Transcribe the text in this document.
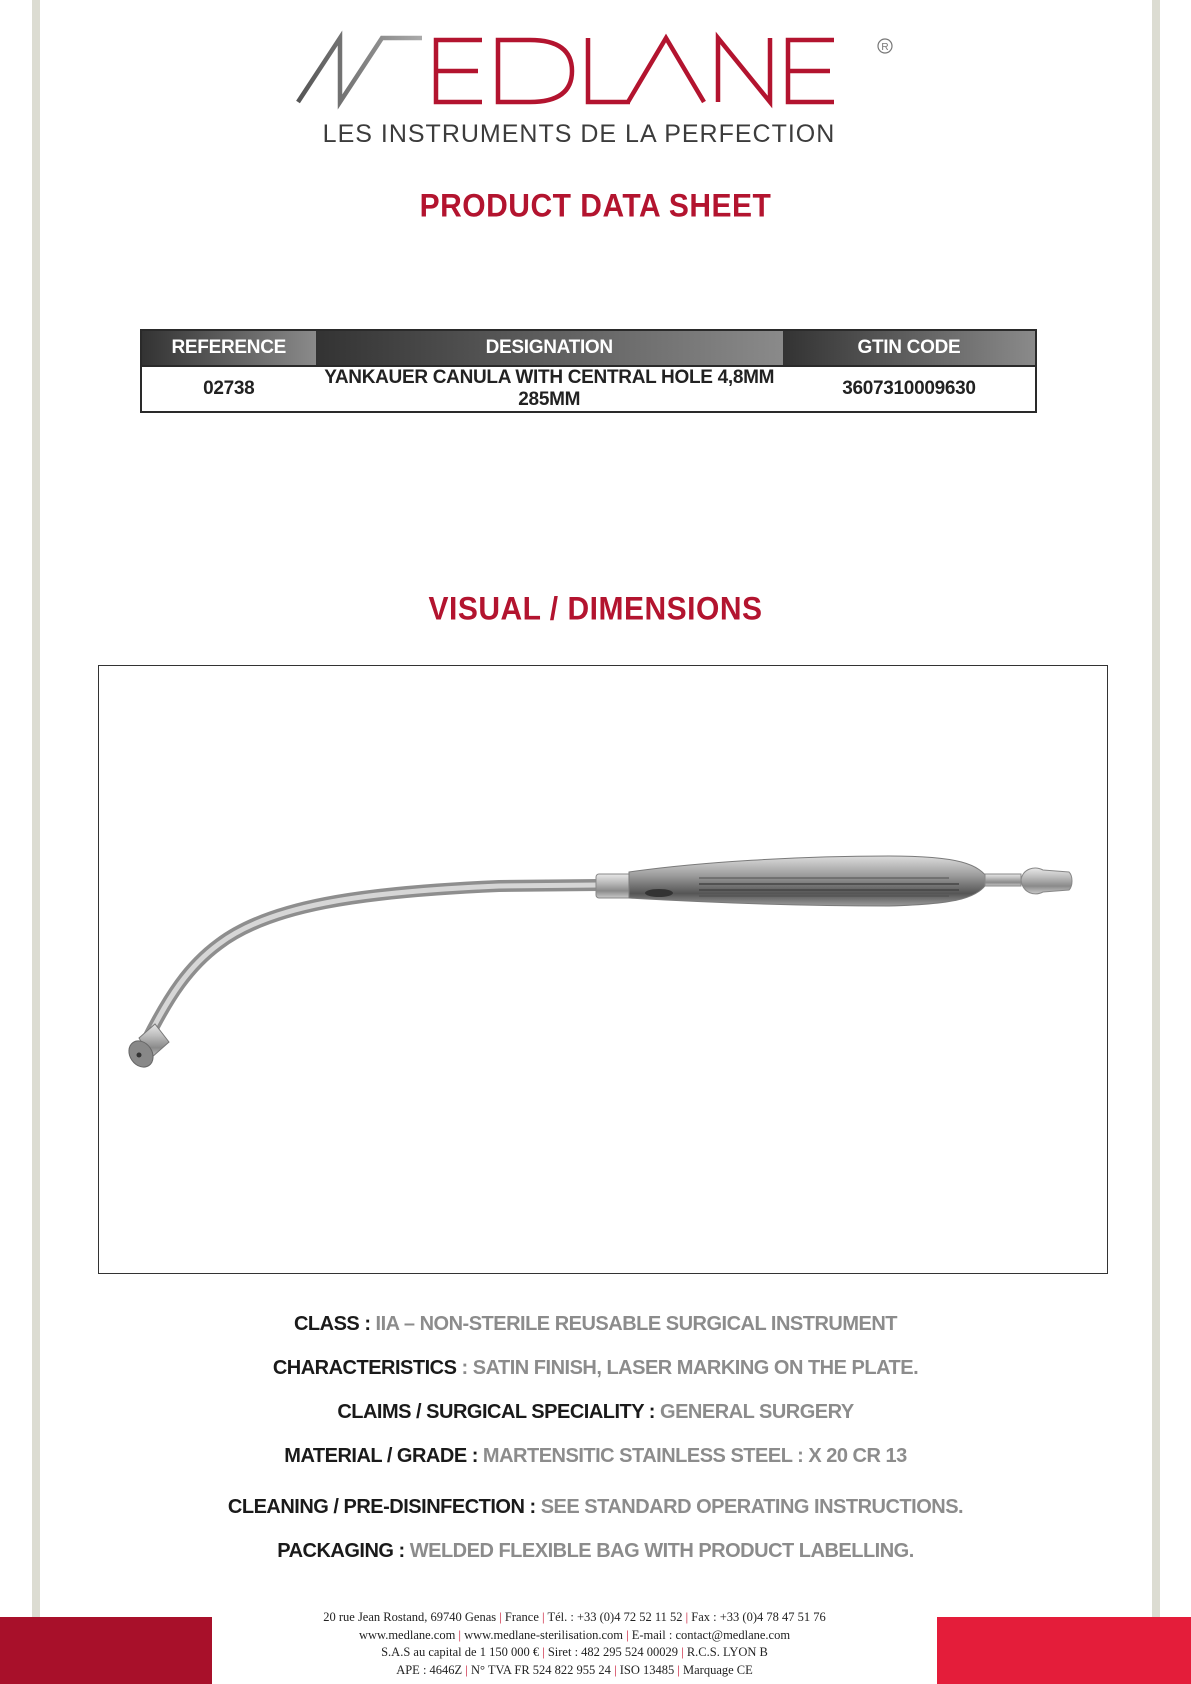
R
LES INSTRUMENTS DE LA PERFECTION
PRODUCT DATA SHEET
REFERENCE	DESIGNATION	GTIN CODE
02738	YANKAUER CANULA WITH CENTRAL HOLE 4,8MM 285MM	3607310009630
VISUAL / DIMENSIONS
CLASS : IIA – NON-STERILE REUSABLE SURGICAL INSTRUMENT
CHARACTERISTICS : SATIN FINISH, LASER MARKING ON THE PLATE.
CLAIMS / SURGICAL SPECIALITY : GENERAL SURGERY
MATERIAL / GRADE : MARTENSITIC STAINLESS STEEL : X 20 CR 13
CLEANING / PRE-DISINFECTION : SEE STANDARD OPERATING INSTRUCTIONS.
PACKAGING : WELDED FLEXIBLE BAG WITH PRODUCT LABELLING.
20 rue Jean Rostand, 69740 Genas | France | Tél. : +33 (0)4 72 52 11 52 | Fax : +33 (0)4 78 47 51 76
www.medlane.com | www.medlane-sterilisation.com | E-mail : contact@medlane.com
S.A.S au capital de 1 150 000 € | Siret : 482 295 524 00029 | R.C.S. LYON B
APE : 4646Z | N° TVA FR 524 822 955 24 | ISO 13485 | Marquage CE
